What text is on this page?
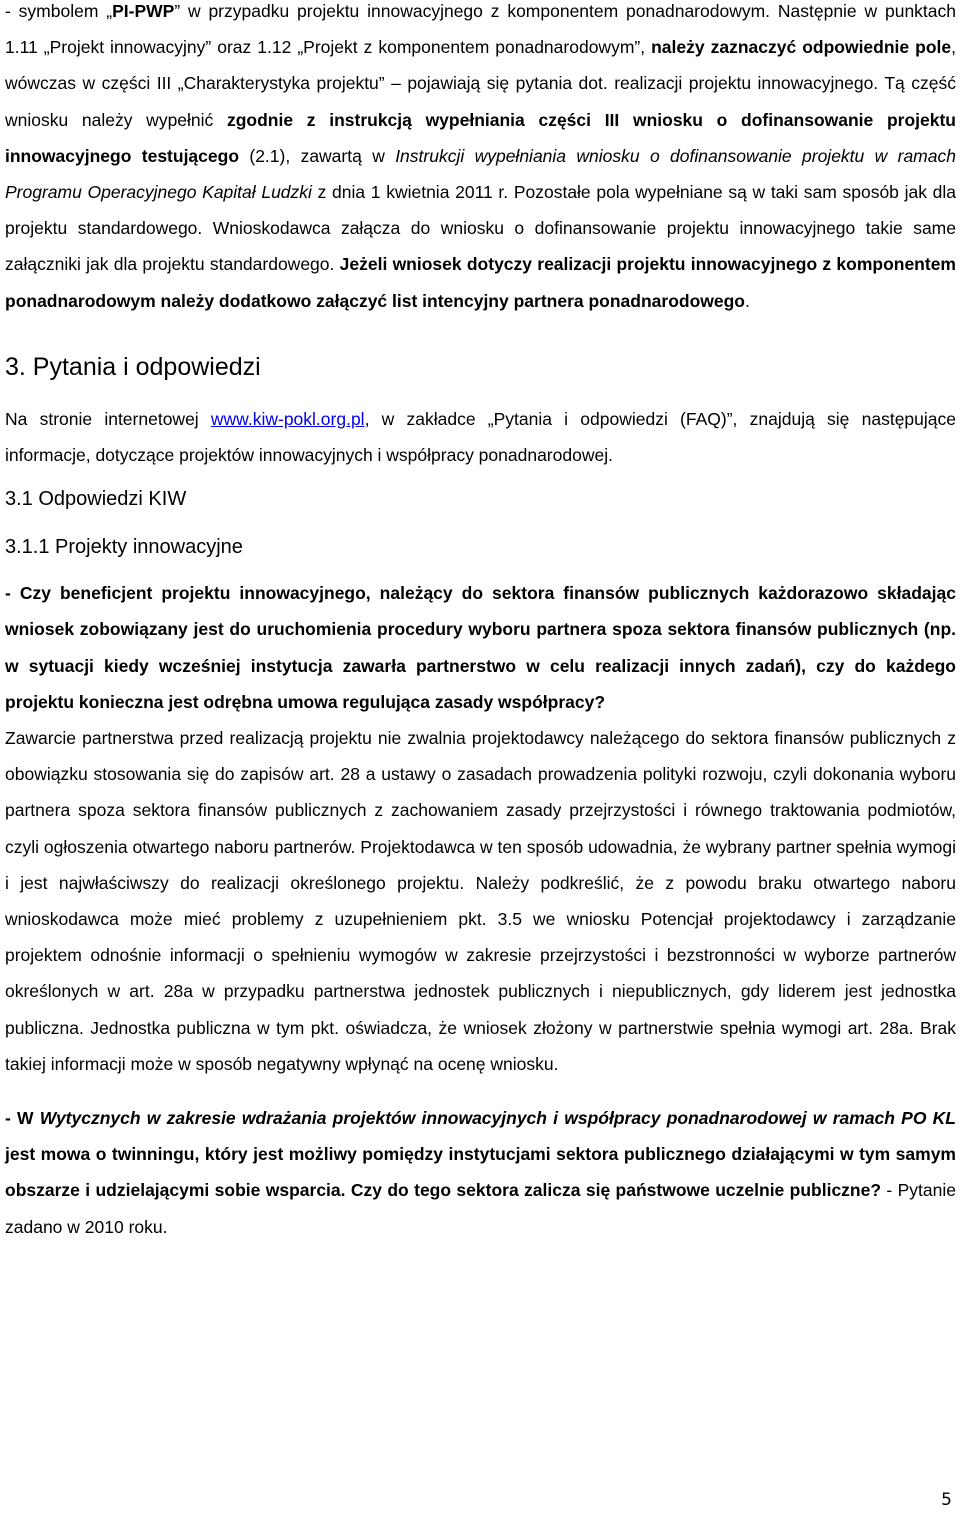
- symbolem „PI-PWP” w przypadku projektu innowacyjnego z komponentem ponadnarodowym. Następnie w punktach 1.11 „Projekt innowacyjny” oraz 1.12 „Projekt z komponentem ponadnarodowym”, należy zaznaczyć odpowiednie pole, wówczas w części III „Charakterystyka projektu” – pojawiają się pytania dot. realizacji projektu innowacyjnego. Tą część wniosku należy wypełnić zgodnie z instrukcją wypełniania części III wniosku o dofinansowanie projektu innowacyjnego testującego (2.1), zawartą w Instrukcji wypełniania wniosku o dofinansowanie projektu w ramach Programu Operacyjnego Kapitał Ludzki z dnia 1 kwietnia 2011 r. Pozostałe pola wypełniane są w taki sam sposób jak dla projektu standardowego. Wnioskodawca załącza do wniosku o dofinansowanie projektu innowacyjnego takie same załączniki jak dla projektu standardowego. Jeżeli wniosek dotyczy realizacji projektu innowacyjnego z komponentem ponadnarodowym należy dodatkowo załączyć list intencyjny partnera ponadnarodowego.

3. Pytania i odpowiedzi

Na stronie internetowej www.kiw-pokl.org.pl, w zakładce „Pytania i odpowiedzi (FAQ)”, znajdują się następujące informacje, dotyczące projektów innowacyjnych i współpracy ponadnarodowej.

3.1 Odpowiedzi KIW
3.1.1 Projekty innowacyjne

- Czy beneficjent projektu innowacyjnego, należący do sektora finansów publicznych każdorazowo składając wniosek zobowiązany jest do uruchomienia procedury wyboru partnera spoza sektora finansów publicznych (np. w sytuacji kiedy wcześniej instytucja zawarła partnerstwo w celu realizacji innych zadań), czy do każdego projektu konieczna jest odrębna umowa regulująca zasady współpracy?

Zawarcie partnerstwa przed realizacją projektu nie zwalnia projektodawcy należącego do sektora finansów publicznych z obowiązku stosowania się do zapisów art. 28 a ustawy o zasadach prowadzenia polityki rozwoju, czyli dokonania wyboru partnera spoza sektora finansów publicznych z zachowaniem zasady przejrzystości i równego traktowania podmiotów, czyli ogłoszenia otwartego naboru partnerów. Projektodawca w ten sposób udowadnia, że wybrany partner spełnia wymogi i jest najwłaściwszy do realizacji określonego projektu. Należy podkreślić, że z powodu braku otwartego naboru wnioskodawca może mieć problemy z uzupełnieniem pkt. 3.5 we wniosku Potencjał projektodawcy i zarządzanie projektem odnośnie informacji o spełnieniu wymogów w zakresie przejrzystości i bezstronności w wyborze partnerów określonych w art. 28a w przypadku partnerstwa jednostek publicznych i niepublicznych, gdy liderem jest jednostka publiczna. Jednostka publiczna w tym pkt. oświadcza, że wniosek złożony w partnerstwie spełnia wymogi art. 28a. Brak takiej informacji może w sposób negatywny wpłynąć na ocenę wniosku.

- W Wytycznych w zakresie wdrażania projektów innowacyjnych i współpracy ponadnarodowej w ramach PO KL jest mowa o twinningu, który jest możliwy pomiędzy instytucjami sektora publicznego działającymi w tym samym obszarze i udzielającymi sobie wsparcia. Czy do tego sektora zalicza się państwowe uczelnie publiczne? - Pytanie zadano w 2010 roku.

5
